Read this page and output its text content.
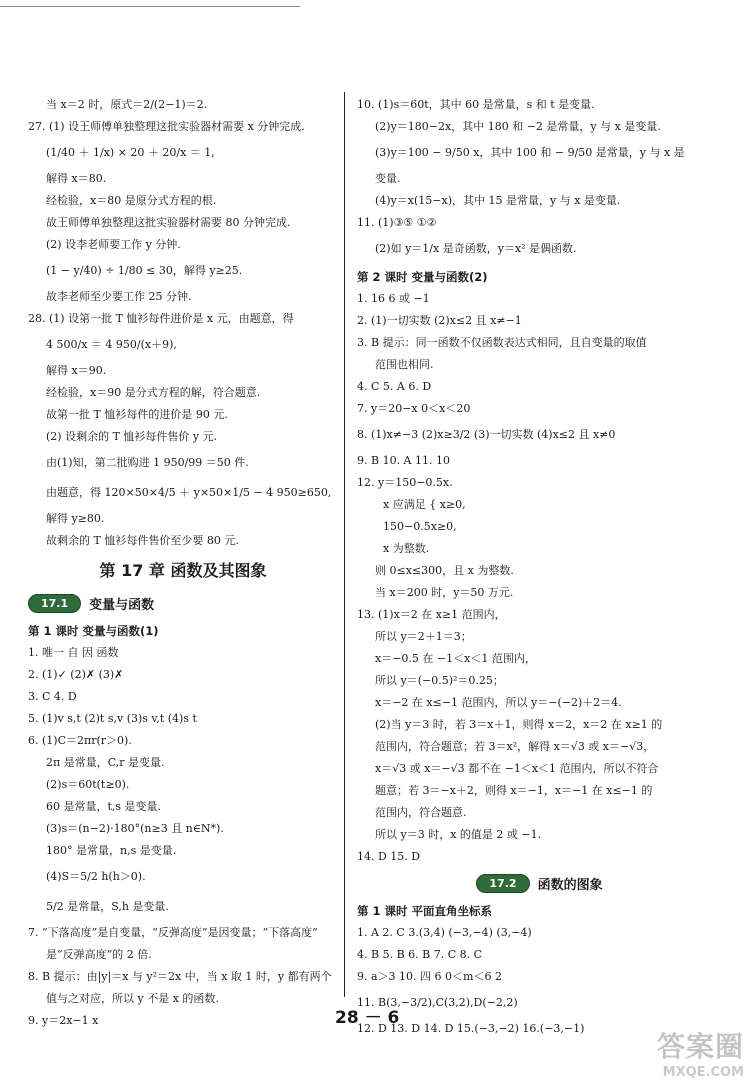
当 x＝2 时，原式＝2/(2−1)＝2.
27. (1) 设王师傅单独整理这批实验器材需要 x 分钟完成.
(1/40 ＋ 1/x) × 20 ＋ 20/x ＝ 1,
解得 x＝80.
经检验，x＝80 是原分式方程的根.
故王师傅单独整理这批实验器材需要 80 分钟完成.
(2) 设李老师要工作 y 分钟.
(1 − y/40) ÷ 1/80 ≤ 30，解得 y≥25.
故李老师至少要工作 25 分钟.
28. (1) 设第一批 T 恤衫每件进价是 x 元，由题意，得
4 500/x ＝ 4 950/(x＋9),
解得 x＝90.
经检验，x＝90 是分式方程的解，符合题意.
故第一批 T 恤衫每件的进价是 90 元.
(2) 设剩余的 T 恤衫每件售价 y 元.
由(1)知，第二批购进 1 950/99 ＝50 件.
由题意，得 120×50×4/5 ＋ y×50×1/5 − 4 950≥650,
解得 y≥80.
故剩余的 T 恤衫每件售价至少要 80 元.
第 17 章 函数及其图象
17.1	变量与函数
第 1 课时 变量与函数(1)
1. 唯一 自 因 函数
2. (1)✓ (2)✗ (3)✗
3. C 4. D
5. (1)v s,t (2)t s,v (3)s v,t (4)s t
6. (1)C＝2πr(r＞0).
2π 是常量，C,r 是变量.
(2)s＝60t(t≥0).
60 是常量，t,s 是变量.
(3)s＝(n−2)·180°(n≥3 且 n∈N*).
180° 是常量，n,s 是变量.
(4)S＝5/2 h(h＞0).
5/2 是常量，S,h 是变量.
7. “下落高度”是自变量，“反弹高度”是因变量；“下落高度”
是“反弹高度”的 2 倍.
8. B 提示：由|y|＝x 与 y²＝2x 中，当 x 取 1 时，y 都有两个
值与之对应，所以 y 不是 x 的函数.
9. y＝2x−1 x
10. (1)s＝60t，其中 60 是常量，s 和 t 是变量.
(2)y＝180−2x，其中 180 和 −2 是常量，y 与 x 是变量.
(3)y＝100 − 9/50 x，其中 100 和 − 9/50 是常量，y 与 x 是
变量.
(4)y＝x(15−x)，其中 15 是常量，y 与 x 是变量.
11. (1)③⑤ ①②
(2)如 y＝1/x 是奇函数，y＝x² 是偶函数.
第 2 课时 变量与函数(2)
1. 16 6 或 −1
2. (1)一切实数 (2)x≤2 且 x≠−1
3. B 提示：同一函数不仅函数表达式相同，且自变量的取值
范围也相同.
4. C 5. A 6. D
7. y＝20−x 0＜x＜20
8. (1)x≠−3 (2)x≥3/2 (3)一切实数 (4)x≤2 且 x≠0
9. B 10. A 11. 10
12. y＝150−0.5x.
x 应满足 { x≥0,
150−0.5x≥0,
x 为整数.
则 0≤x≤300，且 x 为整数.
当 x＝200 时，y＝50 万元.
13. (1)x＝2 在 x≥1 范围内，
所以 y＝2＋1＝3；
x＝−0.5 在 −1＜x＜1 范围内，
所以 y＝(−0.5)²＝0.25；
x＝−2 在 x≤−1 范围内，所以 y＝−(−2)＋2＝4.
(2)当 y＝3 时，若 3＝x＋1，则得 x＝2，x＝2 在 x≥1 的
范围内，符合题意；若 3＝x²，解得 x＝√3 或 x＝−√3，
x＝√3 或 x＝−√3 都不在 −1＜x＜1 范围内，所以不符合
题意；若 3＝−x＋2，则得 x＝−1，x＝−1 在 x≤−1 的
范围内，符合题意.
所以 y＝3 时，x 的值是 2 或 −1.
14. D 15. D
17.2	函数的图象
第 1 课时 平面直角坐标系
1. A 2. C 3.(3,4) (−3,−4) (3,−4)
4. B 5. B 6. B 7. C 8. C
9. a＞3 10. 四 6 0＜m＜6 2
11. B(3,−3/2),C(3,2),D(−2,2)
12. D 13. D 14. D 15.(−3,−2) 16.(−3,−1)
28 － 6
答案圈
MXQE.COM
